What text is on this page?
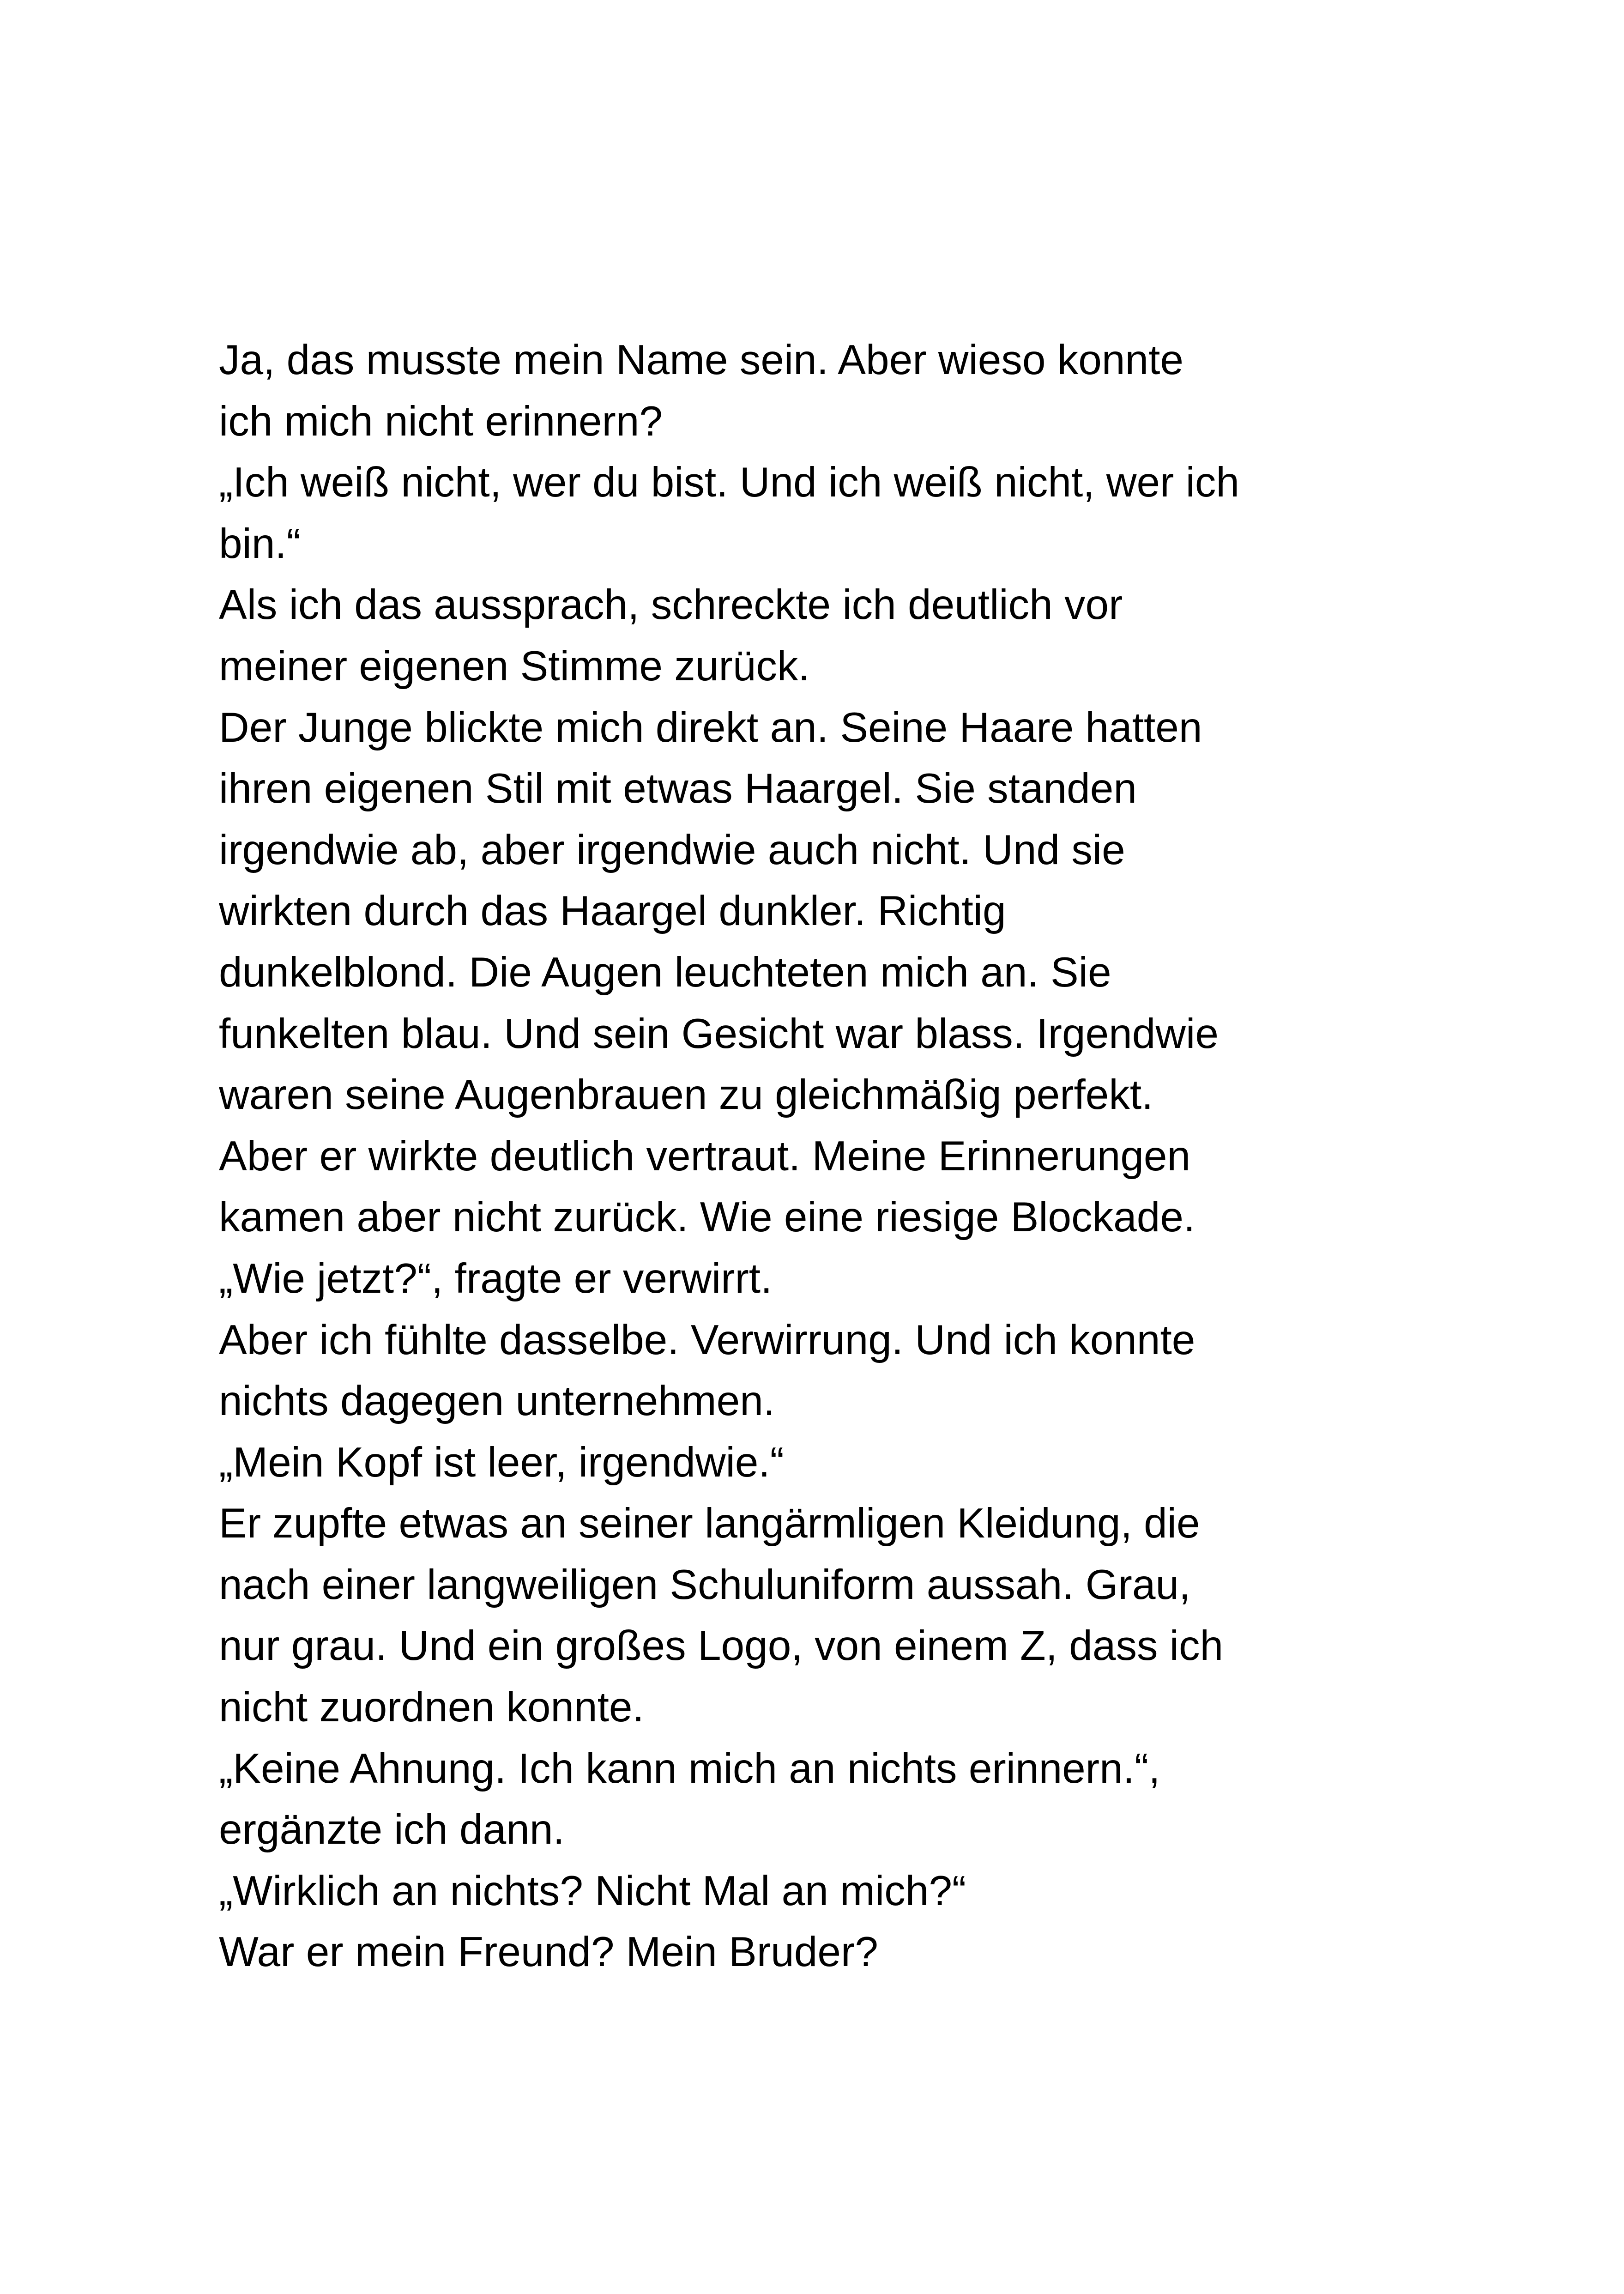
Ja, das musste mein Name sein. Aber wieso konnte
ich mich nicht erinnern?
„Ich weiß nicht, wer du bist. Und ich weiß nicht, wer ich
bin.“
Als ich das aussprach, schreckte ich deutlich vor
meiner eigenen Stimme zurück.
Der Junge blickte mich direkt an. Seine Haare hatten
ihren eigenen Stil mit etwas Haargel. Sie standen
irgendwie ab, aber irgendwie auch nicht. Und sie
wirkten durch das Haargel dunkler. Richtig
dunkelblond. Die Augen leuchteten mich an. Sie
funkelten blau. Und sein Gesicht war blass. Irgendwie
waren seine Augenbrauen zu gleichmäßig perfekt.
Aber er wirkte deutlich vertraut. Meine Erinnerungen
kamen aber nicht zurück. Wie eine riesige Blockade.
„Wie jetzt?“, fragte er verwirrt.
Aber ich fühlte dasselbe. Verwirrung. Und ich konnte
nichts dagegen unternehmen.
„Mein Kopf ist leer, irgendwie.“
Er zupfte etwas an seiner langärmligen Kleidung, die
nach einer langweiligen Schuluniform aussah. Grau,
nur grau. Und ein großes Logo, von einem Z, dass ich
nicht zuordnen konnte.
„Keine Ahnung. Ich kann mich an nichts erinnern.“,
ergänzte ich dann.
„Wirklich an nichts? Nicht Mal an mich?“
War er mein Freund? Mein Bruder?
